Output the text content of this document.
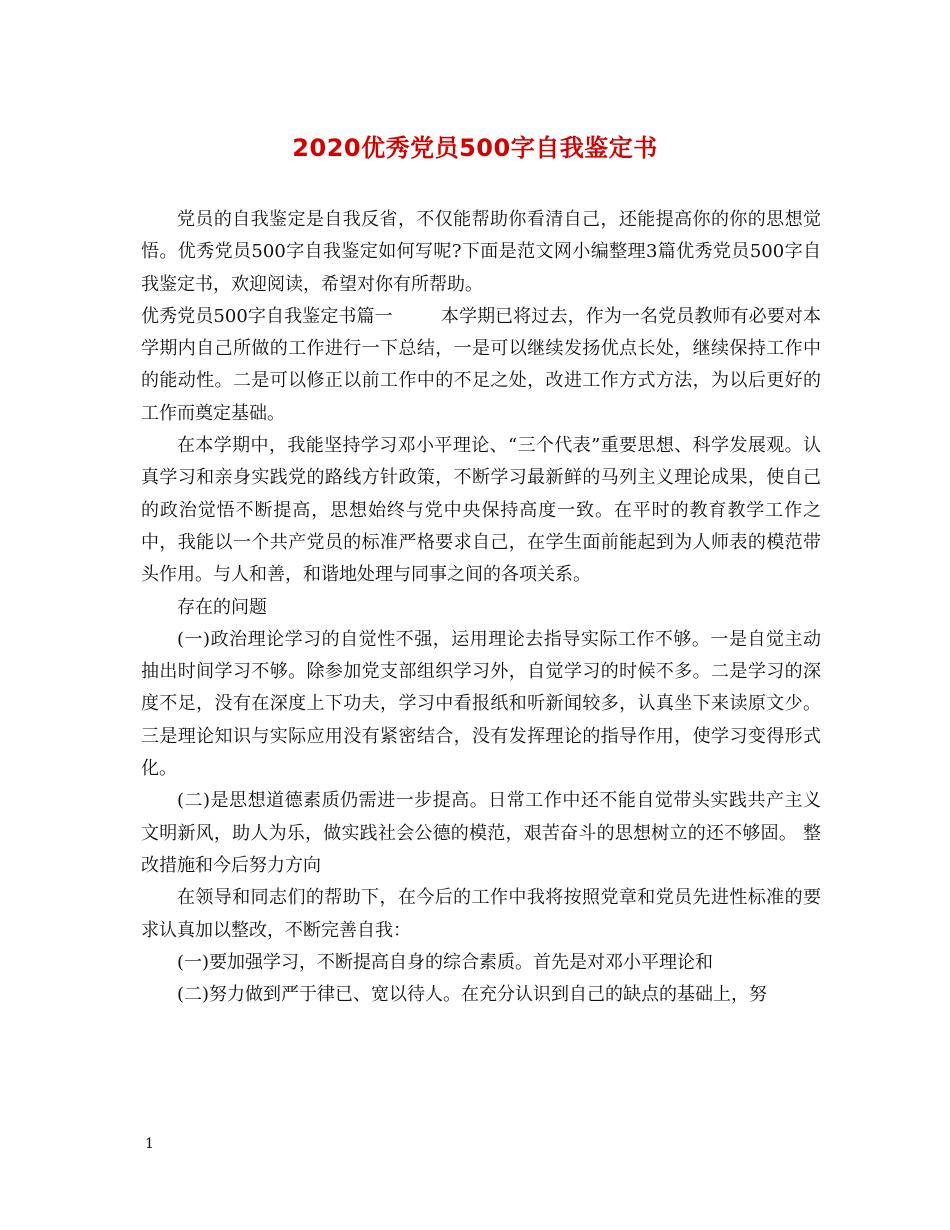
2020优秀党员500字自我鉴定书

党员的自我鉴定是自我反省，不仅能帮助你看清自己，还能提高你的你的思想觉悟。优秀党员500字自我鉴定如何写呢?下面是范文网小编整理3篇优秀党员500字自我鉴定书，欢迎阅读，希望对你有所帮助。

优秀党员500字自我鉴定书篇一	本学期已将过去，作为一名党员教师有必要对本学期内自己所做的工作进行一下总结，一是可以继续发扬优点长处，继续保持工作中的能动性。二是可以修正以前工作中的不足之处，改进工作方式方法，为以后更好的工作而奠定基础。

在本学期中，我能坚持学习邓小平理论、“三个代表”重要思想、科学发展观。认真学习和亲身实践党的路线方针政策，不断学习最新鲜的马列主义理论成果，使自己的政治觉悟不断提高，思想始终与党中央保持高度一致。在平时的教育教学工作之中，我能以一个共产党员的标准严格要求自己，在学生面前能起到为人师表的模范带头作用。与人和善，和谐地处理与同事之间的各项关系。

存在的问题

(一)政治理论学习的自觉性不强，运用理论去指导实际工作不够。一是自觉主动抽出时间学习不够。除参加党支部组织学习外，自觉学习的时候不多。二是学习的深度不足，没有在深度上下功夫，学习中看报纸和听新闻较多，认真坐下来读原文少。三是理论知识与实际应用没有紧密结合，没有发挥理论的指导作用，使学习变得形式化。

(二)是思想道德素质仍需进一步提高。日常工作中还不能自觉带头实践共产主义文明新风，助人为乐，做实践社会公德的模范，艰苦奋斗的思想树立的还不够固。 整改措施和今后努力方向

在领导和同志们的帮助下，在今后的工作中我将按照党章和党员先进性标准的要求认真加以整改，不断完善自我：

(一)要加强学习，不断提高自身的综合素质。首先是对邓小平理论和

(二)努力做到严于律已、宽以待人。在充分认识到自己的缺点的基础上，努

1
